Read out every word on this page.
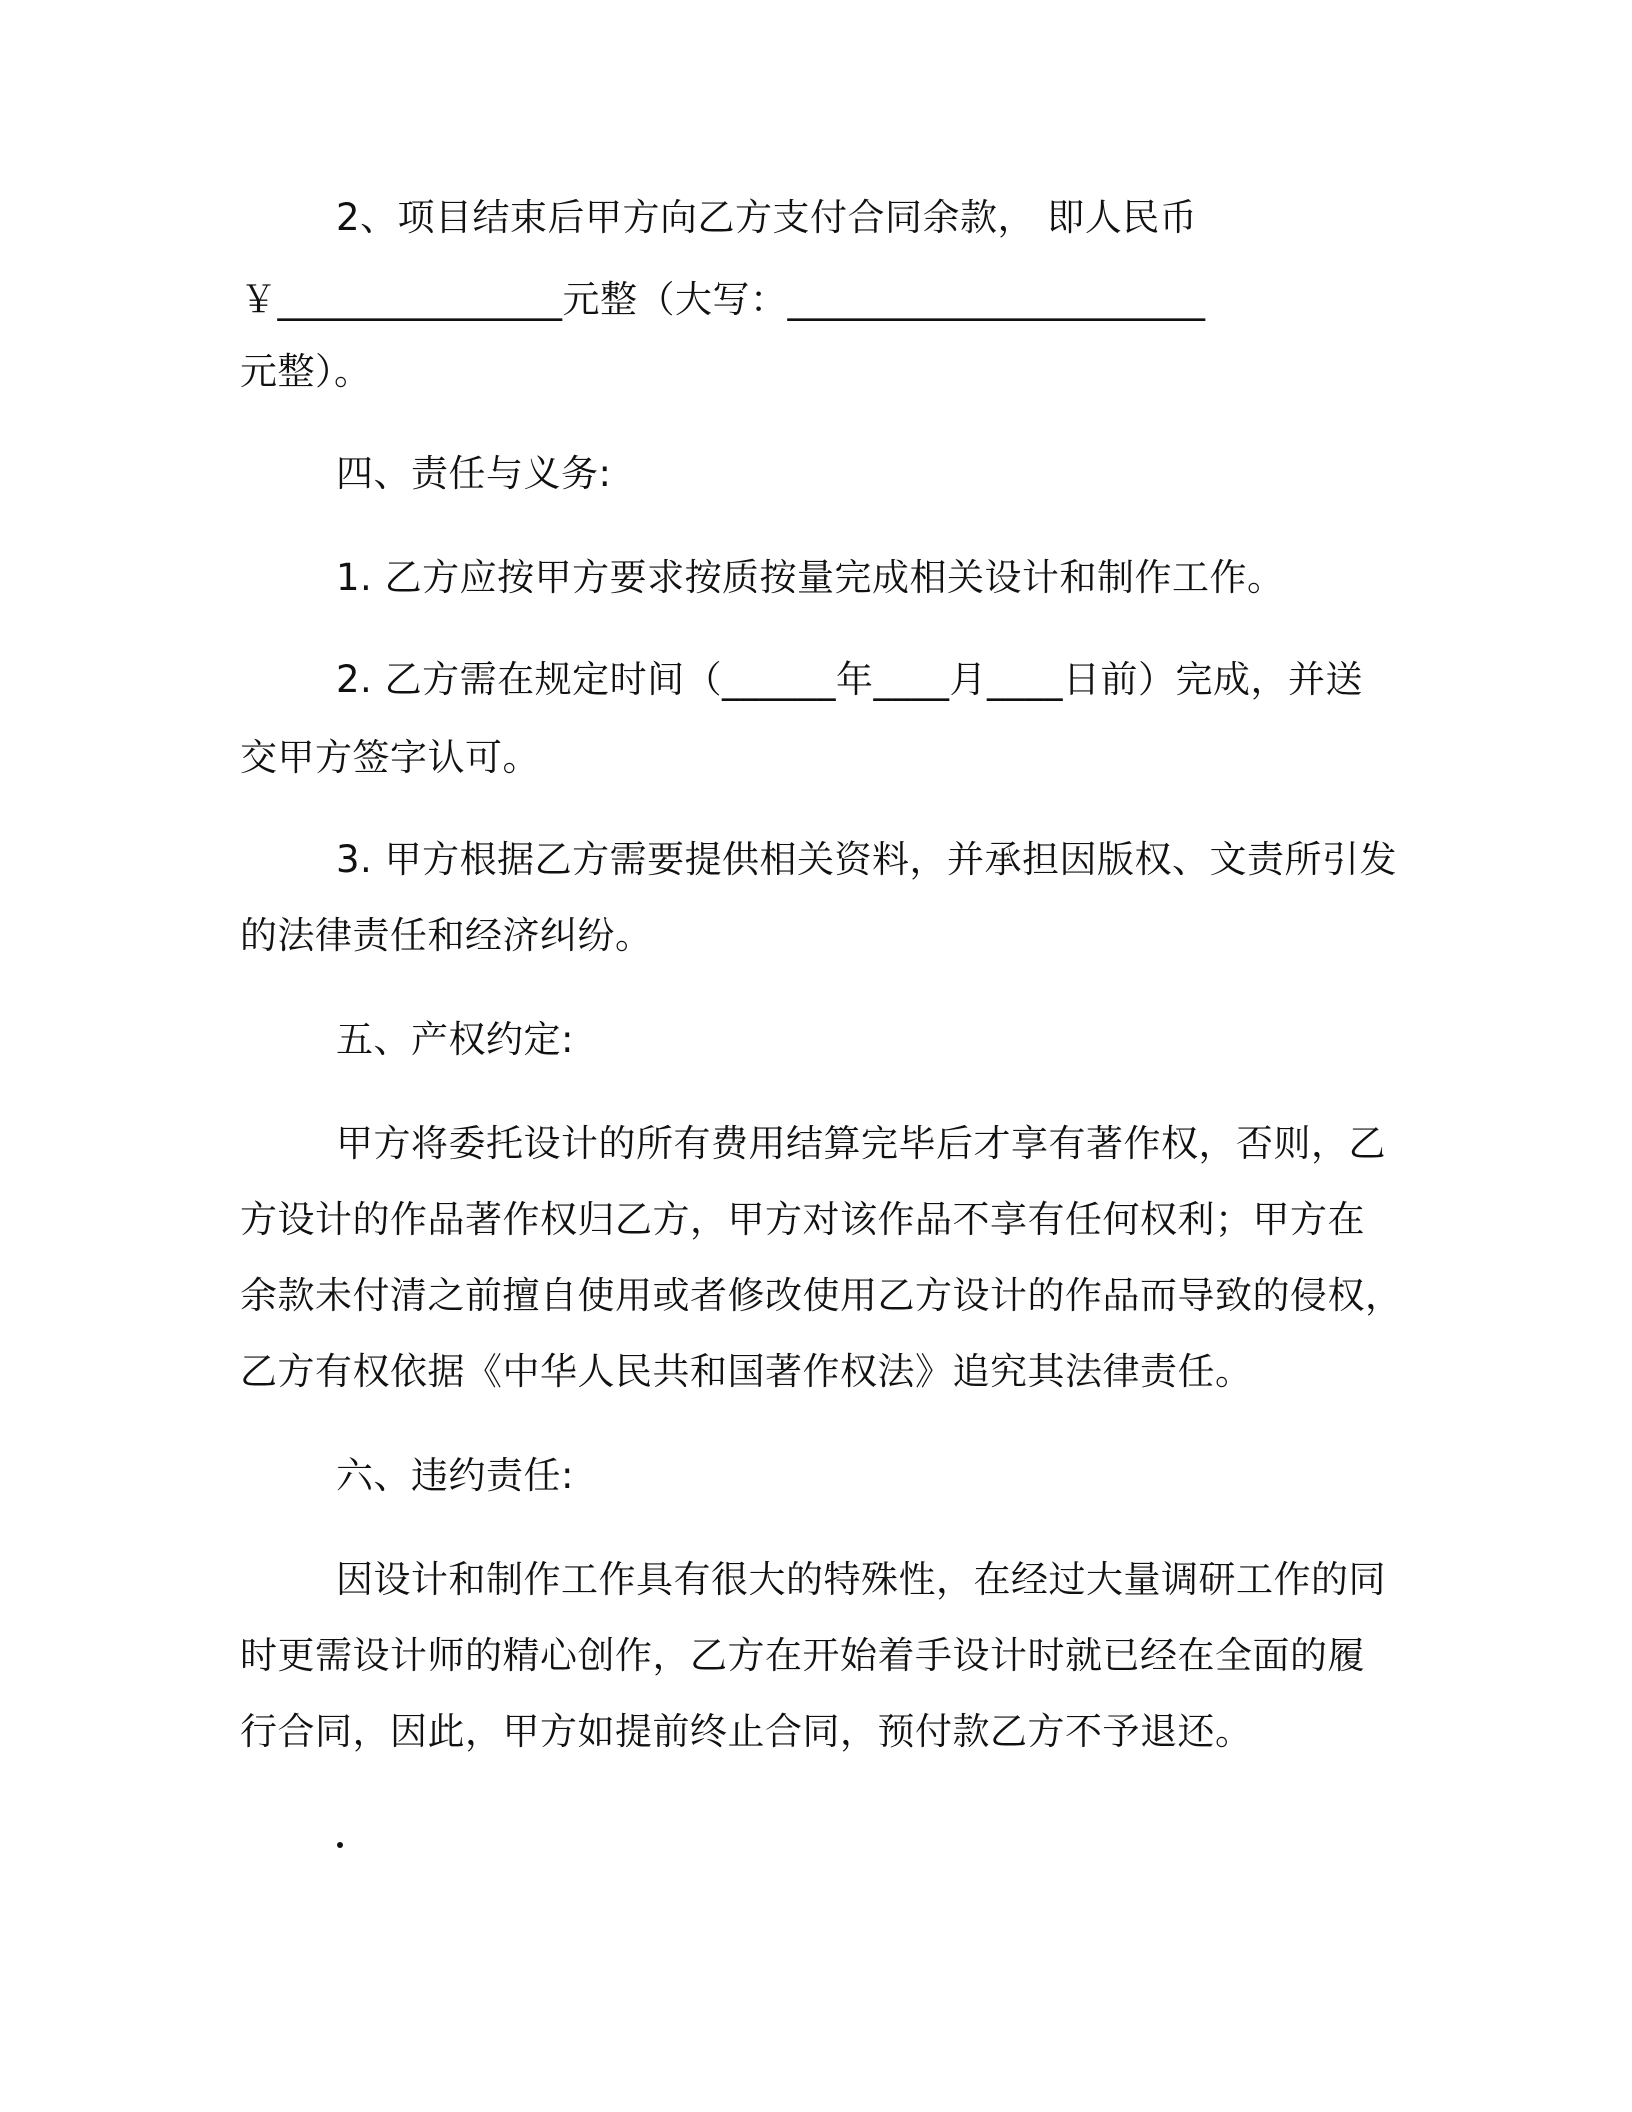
2、项目结束后甲方向乙方支付合同余款， 即人民币

￥_______________元整（大写：______________________

元整）。

四、责任与义务:

1. 乙方应按甲方要求按质按量完成相关设计和制作工作。

2. 乙方需在规定时间（______年____月____日前）完成，并送

交甲方签字认可。

3. 甲方根据乙方需要提供相关资料，并承担因版权、文责所引发

的法律责任和经济纠纷。

五、产权约定:

甲方将委托设计的所有费用结算完毕后才享有著作权，否则，乙

方设计的作品著作权归乙方，甲方对该作品不享有任何权利；甲方在

余款未付清之前擅自使用或者修改使用乙方设计的作品而导致的侵权，

乙方有权依据《中华人民共和国著作权法》追究其法律责任。

六、违约责任:

因设计和制作工作具有很大的特殊性，在经过大量调研工作的同

时更需设计师的精心创作，乙方在开始着手设计时就已经在全面的履

行合同，因此，甲方如提前终止合同，预付款乙方不予退还。
